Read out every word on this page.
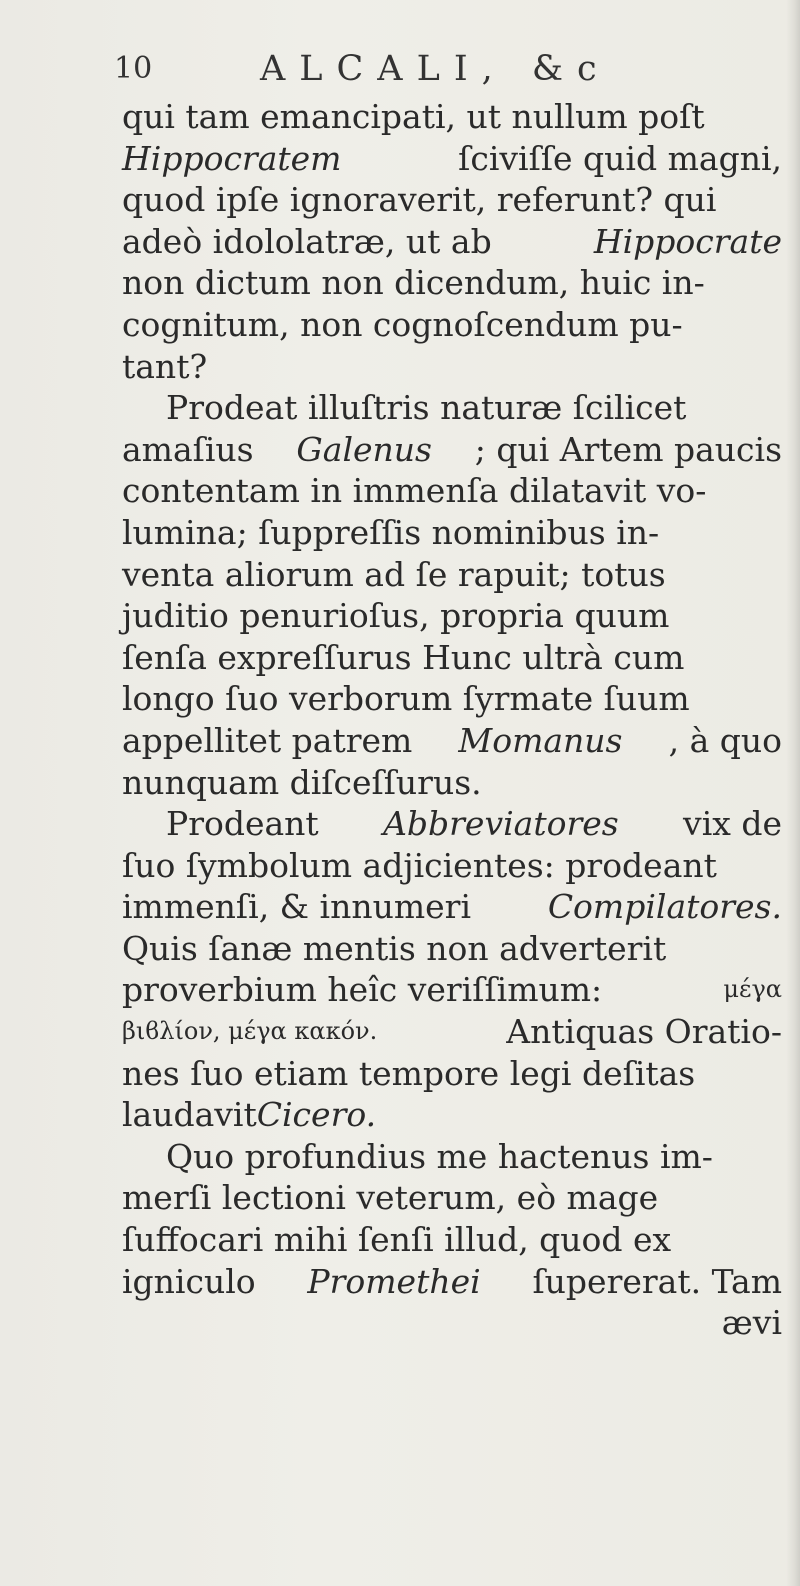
10	ALCALI, &c
qui tam emancipati, ut nullum poſt
Hippocratem	ſciviſſe quid magni,
quod ipſe ignoraverit, referunt? qui
adeò idololatræ, ut ab	Hippocrate
non dictum non dicendum, huic in-
cognitum, non cognoſcendum pu-
tant?
Prodeat illuſtris naturæ ſcilicet
amaſius Galenus ; qui Artem paucis
contentam in immenſa dilatavit vo-
lumina; ſuppreſſis nominibus in-
venta aliorum ad ſe rapuit; totus
juditio penurioſus, propria quum
ſenſa expreſſurus Hunc ultrà cum
longo ſuo verborum ſyrmate ſuum
appellitet patrem Momanus , à quo
nunquam diſceſſurus.
Prodeant Abbreviatores vix de
ſuo ſymbolum adjicientes: prodeant
immenſi, & innumeri Compilatores.
Quis ſanæ mentis non adverterit
proverbium heîc veriſſimum:	μέγα
βιϐλίον, μέγα κακόν.	Antiquas Oratio-
nes ſuo etiam tempore legi deſitas
laudavit Cicero.
Quo profundius me hactenus im-
merſi lectioni veterum, eò mage
ſuffocari mihi ſenſi illud, quod ex
igniculo Promethei ſupererat. Tam
ævi
